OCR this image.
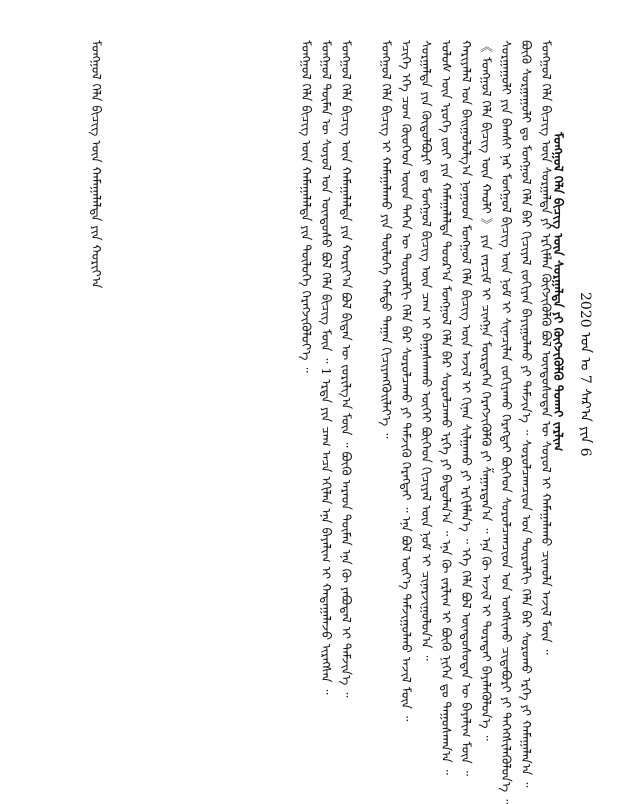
2020 ᠣᠨ ᠤ 7 ᠰᠠᠷ᠎ᠠ ᠶᠢᠨ 6
ᠮᠣᠩᠭᠣᠯ ᠬᠡᠯᠡ ᠪᠢᠴᠢᠭ᠌ ᠦᠨ ᠰᠤᠷᠭᠠᠯᠲᠠ ᠶᠢ ᠬᠥᠭᠵᠢᠭᠦᠯᠬᠦ ᠲᠤᠬᠠᠢ ᠵᠠᠷᠯᠢᠭ
ᠮᠣᠩᠭᠣᠯ ᠬᠡᠯᠡ ᠪᠢᠴᠢᠭ᠌ ᠦᠨ ᠰᠤᠷᠭᠠᠯᠲᠠ ᠶᠢ ᠡᠷᠬᠢᠮᠯᠡᠨ ᠬᠥᠭᠵᠢᠭᠦᠯᠬᠦ ᠪᠣᠯ ᠦᠨᠳᠦᠰᠦᠲᠡᠨ ᠦ ᠰᠣᠶᠣᠯ ᠢ ᠬᠠᠮᠠᠭᠠᠯᠠᠬᠤ ᠴᠢᠬᠤᠯᠠ ᠠᠵᠢᠯ ᠮᠥᠨ ᠃
ᠪᠦᠬᠦ ᠰᠤᠷᠭᠠᠭᠤᠯᠢ ᠳᠤ ᠮᠣᠩᠭᠣᠯ ᠬᠡᠯᠡ ᠪᠡᠷ ᠬᠢᠴᠢᠶᠡᠯ ᠵᠣᠬᠢᠶᠠᠨ ᠪᠠᠶᠢᠭᠤᠯᠬᠤ ᠶᠢ ᠳᠡᠮᠵᠢᠨ᠎ᠡ ᠃ ᠰᠤᠷᠤᠯᠴᠠᠭᠴᠢᠳ ᠤᠨ ᠲᠥᠷᠥᠯᠬᠢ ᠬᠡᠯᠡ ᠪᠡᠷ ᠰᠤᠷᠤᠬᠤ ᠡᠷᠬᠡ ᠶᠢ ᠬᠠᠮᠠᠭᠠᠯᠠᠨ᠎ᠠ ᠃
ᠰᠤᠷᠭᠠᠭᠤᠯᠢ ᠶᠢᠨ ᠪᠠᠭᠰᠢ ᠨᠠᠷ ᠮᠣᠩᠭᠣᠯ ᠪᠢᠴᠢᠭ᠌ ᠦᠨ ᠨᠣᠮ ᠢ ᠰᠢᠨᠡᠴᠢᠯᠡᠨ ᠵᠣᠬᠢᠶᠠᠬᠤ ᠬᠡᠷᠡᠭᠲᠡᠢ ᠪᠥᠭᠡᠳ ᠰᠤᠷᠤᠯᠴᠠᠭᠴᠢᠳ ᠤᠨ ᠤᠩᠰᠢᠬᠤ ᠴᠢᠳᠠᠪᠤᠷᠢ ᠶᠢ ᠳᠡᠭᠡᠭᠰᠢᠯᠡᠭᠦᠯᠦᠨ᠎ᠡ ᠃
《 ᠮᠣᠩᠭᠣᠯ ᠬᠡᠯᠡ ᠪᠢᠴᠢᠭ᠌ ᠦᠨ ᠬᠠᠤᠯᠢ 》 ᠶᠢᠨ ᠵᠠᠷᠴᠢᠮ ᠢ ᠴᠢᠩᠭᠠ ᠮᠦᠷᠳᠡᠭᠡᠨ ᠬᠡᠷᠡᠭᠵᠢᠭᠦᠯᠬᠦ ᠶᠢ ᠱᠠᠭᠠᠷᠳᠠᠨ᠎ᠠ ᠃ ᠡᠨᠡ ᠬᠦ ᠠᠵᠢᠯ ᠢ ᠳᠤᠷᠠᠲᠠᠢ ᠪᠡᠶᠡᠯᠡᠭᠦᠯᠦᠨ᠎ᠡ ᠃
ᠬᠠᠷᠢᠶᠠᠯᠠᠯ ᠤᠨ ᠪᠠᠢᠭᠤᠯᠤᠯᠭ᠎ᠠ ᠨᠤᠭᠤᠳ ᠮᠣᠩᠭᠣᠯ ᠬᠡᠯᠡ ᠪᠢᠴᠢᠭ᠌ ᠦᠨ ᠠᠵᠢᠯ ᠢ ᠬᠢᠨᠠᠨ ᠰᠢᠯᠭᠠᠬᠤ ᠶᠢ ᠡᠷᠬᠢᠮᠯᠡᠨ᠎ᠡ ᠃ ᠡᠬᠡ ᠬᠡᠯᠡ ᠪᠣᠯ ᠦᠨᠳᠦᠰᠦᠲᠡᠨ ᠦ ᠪᠠᠶᠠᠯᠢᠭ ᠮᠥᠨ ᠃
ᠤᠯᠤᠰ ᠦᠨ ᠡᠷᠦᠬᠡ ᠵᠦᠢ ᠶᠢᠨ ᠬᠠᠮᠠᠭᠠᠯᠠᠯᠲᠠ ᠳᠣᠣᠷ᠎ᠠ ᠮᠣᠩᠭᠣᠯ ᠬᠡᠯᠡ ᠪᠡᠷ ᠰᠤᠷᠤᠯᠴᠠᠬᠤ ᠡᠷᠬᠡ ᠶᠢ ᠪᠠᠲᠤᠯᠠᠨ᠎ᠠ ᠃ ᠡᠨᠡ ᠬᠦ ᠵᠠᠷᠯᠢᠭ ᠢ ᠪᠦᠬᠦ ᠨᠢᠭᠡᠨ ᠳᠤ ᠳᠠᠭᠤᠰᠬᠠᠨ᠎ᠠ ᠃
ᠰᠤᠷᠭᠠᠯᠲᠠ ᠶᠢᠨ ᠬᠥᠲᠦᠯᠪᠦᠷᠢ ᠳᠤ ᠮᠣᠩᠭᠣᠯ ᠪᠢᠴᠢᠭ᠌ ᠦᠨ ᠴᠠᠭ ᠢ ᠪᠠᠭᠠᠰᠬᠠᠬᠤ ᠦᠭᠡᠢ ᠪᠥᠭᠡᠳ ᠬᠢᠴᠢᠶᠡᠯ ᠦᠨ ᠨᠣᠮ ᠢ ᠴᠢᠨᠠᠷᠵᠢᠭᠤᠯᠤᠨ᠎ᠠ ᠃
ᠡᠴᠢᠭᠡ ᠡᠬᠡ ᠴᠤᠭ ᠬᠦᠦᠬᠡᠳ ᠦᠳ ᠲᠡᠭᠡᠨ ᠦ ᠲᠥᠷᠥᠯᠬᠢ ᠬᠡᠯᠡ ᠪᠡᠷ ᠰᠤᠷᠤᠯᠴᠠᠬᠤ ᠶᠢ ᠳᠡᠮᠵᠢᠬᠦ ᠬᠡᠷᠡᠭᠲᠡᠢ ᠃ ᠡᠨᠡ ᠪᠣᠯ ᠦᠶ᠎ᠡ ᠳᠠᠮᠵᠢᠭᠤᠯᠬᠤ ᠠᠵᠢᠯ ᠮᠥᠨ ᠃
ᠮᠣᠩᠭᠣᠯ ᠬᠡᠯᠡ ᠪᠢᠴᠢᠭ᠌ ᠢ ᠬᠠᠮᠠᠭᠠᠯᠠᠬᠤ ᠶᠢᠨ ᠲᠥᠯᠥᠭᠡ ᠬᠠᠮᠲᠤ ᠳᠠᠭᠠᠨ ᠬᠢᠴᠢᠶᠡᠩᠭᠦᠢᠯᠡᠶ᠎ᠡ ᠃
ᠮᠣᠩᠭᠣᠯ ᠬᠡᠯᠡ ᠪᠢᠴᠢᠭ᠌ ᠦᠨ ᠬᠠᠮᠠᠭᠠᠯᠠᠯᠲᠠ ᠶᠢᠨ ᠬᠣᠷᠢᠶ᠎ᠠ ᠪᠣᠯ ᠪᠢᠳᠡᠨ ᠦ ᠵᠣᠷᠢᠯᠭ᠎ᠠ ᠮᠥᠨ ᠃ ᠪᠦᠬᠦ ᠠᠷᠠᠳ ᠲᠦᠮᠡᠨ ᠡᠨᠡ ᠬᠦ ᠶᠠᠪᠤᠳᠠᠯ ᠢ ᠳᠡᠮᠵᠢᠨ᠎ᠡ ᠃
ᠮᠣᠩᠭᠣᠯ ᠲᠦᠮᠡᠨ ᠦ ᠰᠣᠶᠣᠯ ᠤᠨ ᠦᠨᠳᠦᠰᠦ ᠪᠣᠯ ᠬᠡᠯᠡ ᠪᠢᠴᠢᠭ᠌ ᠮᠥᠨ ᠃ 1 ᠡᠷᠲᠡ ᠶᠢᠨ ᠴᠠᠭ ᠠᠴᠠ ᠡᠬᠢᠯᠡᠨ ᠡᠨᠡ ᠪᠠᠶᠠᠯᠢᠭ ᠢ ᠬᠠᠳᠠᠭᠠᠯᠠᠵᠤ ᠢᠷᠡᠭᠰᠡᠨ ᠃
ᠮᠣᠩᠭᠣᠯ ᠬᠡᠯᠡ ᠪᠢᠴᠢᠭ᠌ ᠦᠨ ᠬᠠᠮᠠᠭᠠᠯᠠᠯᠲᠠ ᠶᠢᠨ ᠲᠥᠯᠥᠭᠡ ᠬᠡᠷᠡᠭᠵᠢᠭᠦᠯᠦᠶ᠎ᠡ ᠃
ᠮᠣᠩᠭᠣᠯ ᠬᠡᠯᠡ ᠪᠢᠴᠢᠭ᠌ ᠦᠨ ᠬᠠᠮᠠᠭᠠᠯᠠᠯᠲᠠ ᠶᠢᠨ ᠬᠣᠷᠢᠶ᠎ᠠ
